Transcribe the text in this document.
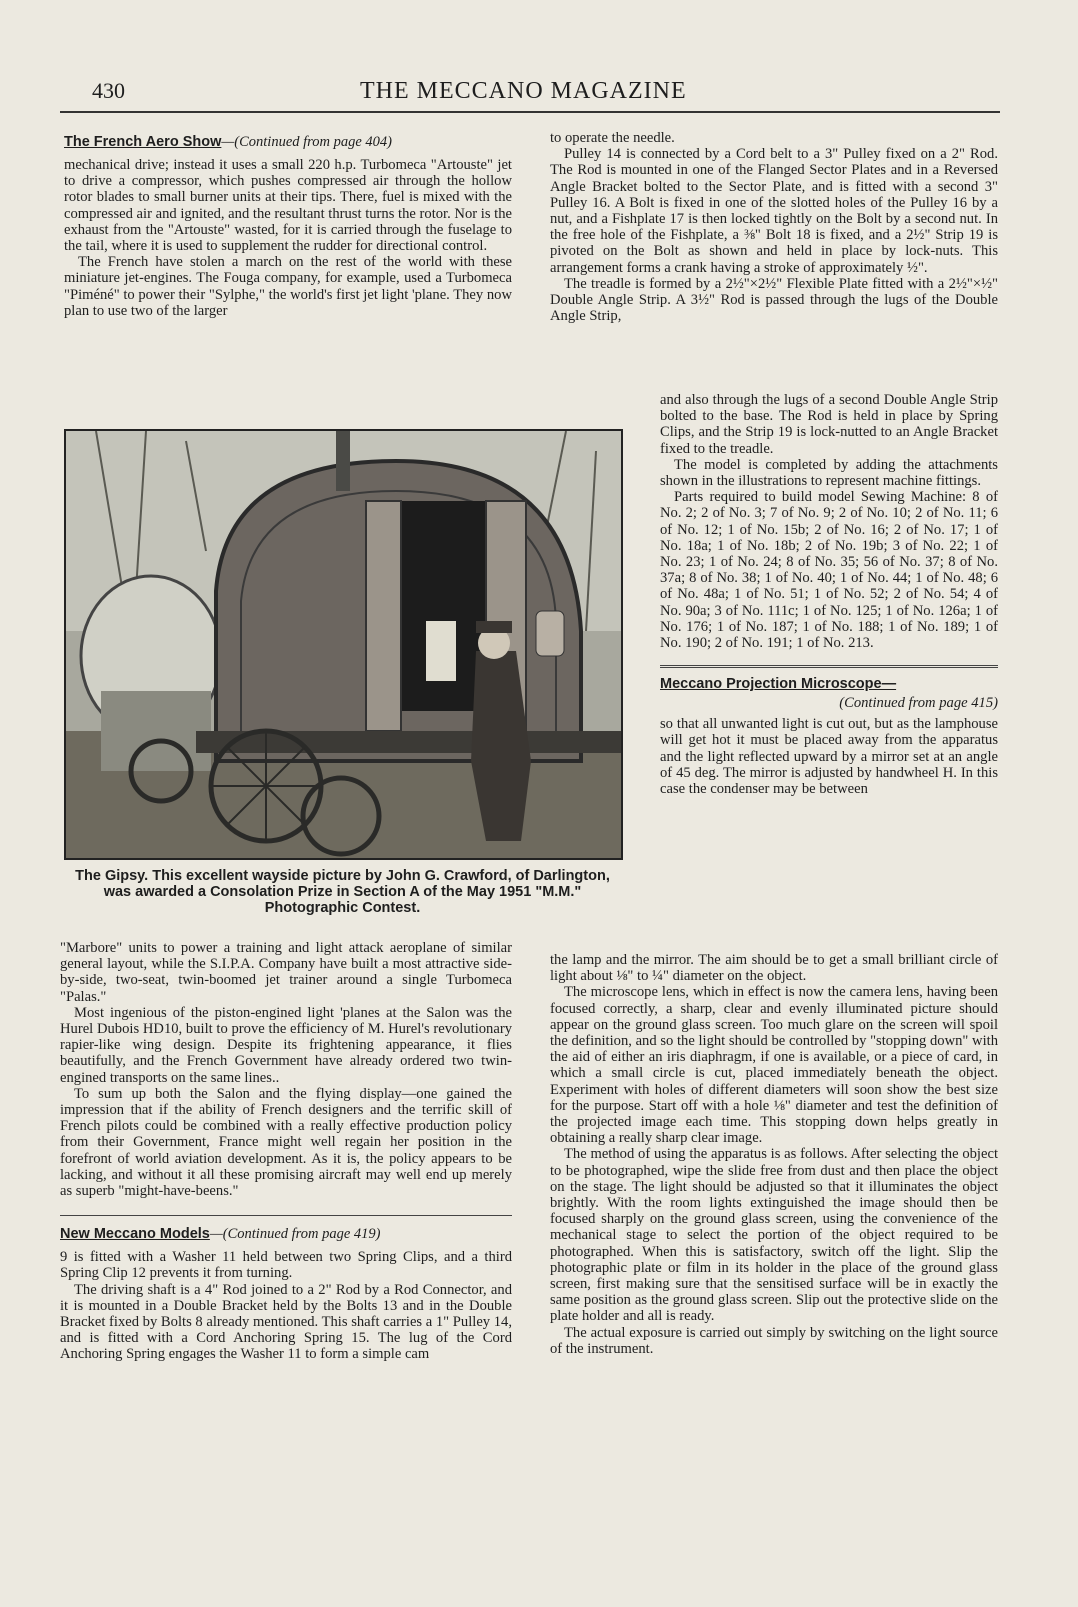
430	THE MECCANO MAGAZINE
The French Aero Show—(Continued from page 404)

mechanical drive; instead it uses a small 220 h.p. Turbomeca "Artouste" jet to drive a compressor, which pushes compressed air through the hollow rotor blades to small burner units at their tips. There, fuel is mixed with the compressed air and ignited, and the resultant thrust turns the rotor. Nor is the exhaust from the "Artouste" wasted, for it is carried through the fuselage to the tail, where it is used to supplement the rudder for directional control.

The French have stolen a march on the rest of the world with these miniature jet-engines. The Fouga company, for example, used a Turbomeca "Piméné" to power their "Sylphe," the world's first jet light 'plane. They now plan to use two of the larger

The Gipsy. This excellent wayside picture by John G. Crawford, of Darlington, was awarded a Consolation Prize in Section A of the May 1951 "M.M." Photographic Contest.

"Marbore" units to power a training and light attack aeroplane of similar general layout, while the S.I.P.A. Company have built a most attractive side-by-side, two-seat, twin-boomed jet trainer around a single Turbomeca "Palas."

Most ingenious of the piston-engined light 'planes at the Salon was the Hurel Dubois HD10, built to prove the efficiency of M. Hurel's revolutionary rapier-like wing design. Despite its frightening appearance, it flies beautifully, and the French Government have already ordered two twin-engined transports on the same lines..

To sum up both the Salon and the flying display—one gained the impression that if the ability of French designers and the terrific skill of French pilots could be combined with a really effective production policy from their Government, France might well regain her position in the forefront of world aviation development. As it is, the policy appears to be lacking, and without it all these promising aircraft may well end up merely as superb "might-have-beens."

New Meccano Models—(Continued from page 419)

9 is fitted with a Washer 11 held between two Spring Clips, and a third Spring Clip 12 prevents it from turning.

The driving shaft is a 4" Rod joined to a 2" Rod by a Rod Connector, and it is mounted in a Double Bracket held by the Bolts 13 and in the Double Bracket fixed by Bolts 8 already mentioned. This shaft carries a 1" Pulley 14, and is fitted with a Cord Anchoring Spring 15. The lug of the Cord Anchoring Spring engages the Washer 11 to form a simple cam

to operate the needle.

Pulley 14 is connected by a Cord belt to a 3" Pulley fixed on a 2" Rod. The Rod is mounted in one of the Flanged Sector Plates and in a Reversed Angle Bracket bolted to the Sector Plate, and is fitted with a second 3" Pulley 16. A Bolt is fixed in one of the slotted holes of the Pulley 16 by a nut, and a Fishplate 17 is then locked tightly on the Bolt by a second nut. In the free hole of the Fishplate, a ⅜" Bolt 18 is fixed, and a 2½" Strip 19 is pivoted on the Bolt as shown and held in place by lock-nuts. This arrangement forms a crank having a stroke of approximately ½".

The treadle is formed by a 2½"×2½" Flexible Plate fitted with a 2½"×½" Double Angle Strip. A 3½" Rod is passed through the lugs of the Double Angle Strip,

and also through the lugs of a second Double Angle Strip bolted to the base. The Rod is held in place by Spring Clips, and the Strip 19 is lock-nutted to an Angle Bracket fixed to the treadle.

The model is completed by adding the attachments shown in the illustrations to represent machine fittings.

Parts required to build model Sewing Machine: 8 of No. 2; 2 of No. 3; 7 of No. 9; 2 of No. 10; 2 of No. 11; 6 of No. 12; 1 of No. 15b; 2 of No. 16; 2 of No. 17; 1 of No. 18a; 1 of No. 18b; 2 of No. 19b; 3 of No. 22; 1 of No. 23; 1 of No. 24; 8 of No. 35; 56 of No. 37; 8 of No. 37a; 8 of No. 38; 1 of No. 40; 1 of No. 44; 1 of No. 48; 6 of No. 48a; 1 of No. 51; 1 of No. 52; 2 of No. 54; 4 of No. 90a; 3 of No. 111c; 1 of No. 125; 1 of No. 126a; 1 of No. 176; 1 of No. 187; 1 of No. 188; 1 of No. 189; 1 of No. 190; 2 of No. 191; 1 of No. 213.

Meccano Projection Microscope—
(Continued from page 415)

so that all unwanted light is cut out, but as the lamphouse will get hot it must be placed away from the apparatus and the light reflected upward by a mirror set at an angle of 45 deg. The mirror is adjusted by handwheel H. In this case the condenser may be between

the lamp and the mirror. The aim should be to get a small brilliant circle of light about ⅛" to ¼" diameter on the object.

The microscope lens, which in effect is now the camera lens, having been focused correctly, a sharp, clear and evenly illuminated picture should appear on the ground glass screen. Too much glare on the screen will spoil the definition, and so the light should be controlled by "stopping down" with the aid of either an iris diaphragm, if one is available, or a piece of card, in which a small circle is cut, placed immediately beneath the object. Experiment with holes of different diameters will soon show the best size for the purpose. Start off with a hole ⅛" diameter and test the definition of the projected image each time. This stopping down helps greatly in obtaining a really sharp clear image.

The method of using the apparatus is as follows. After selecting the object to be photographed, wipe the slide free from dust and then place the object on the stage. The light should be adjusted so that it illuminates the object brightly. With the room lights extinguished the image should then be focused sharply on the ground glass screen, using the convenience of the mechanical stage to select the portion of the object required to be photographed. When this is satisfactory, switch off the light. Slip the photographic plate or film in its holder in the place of the ground glass screen, first making sure that the sensitised surface will be in exactly the same position as the ground glass screen. Slip out the protective slide on the plate holder and all is ready.

The actual exposure is carried out simply by switching on the light source of the instrument.
